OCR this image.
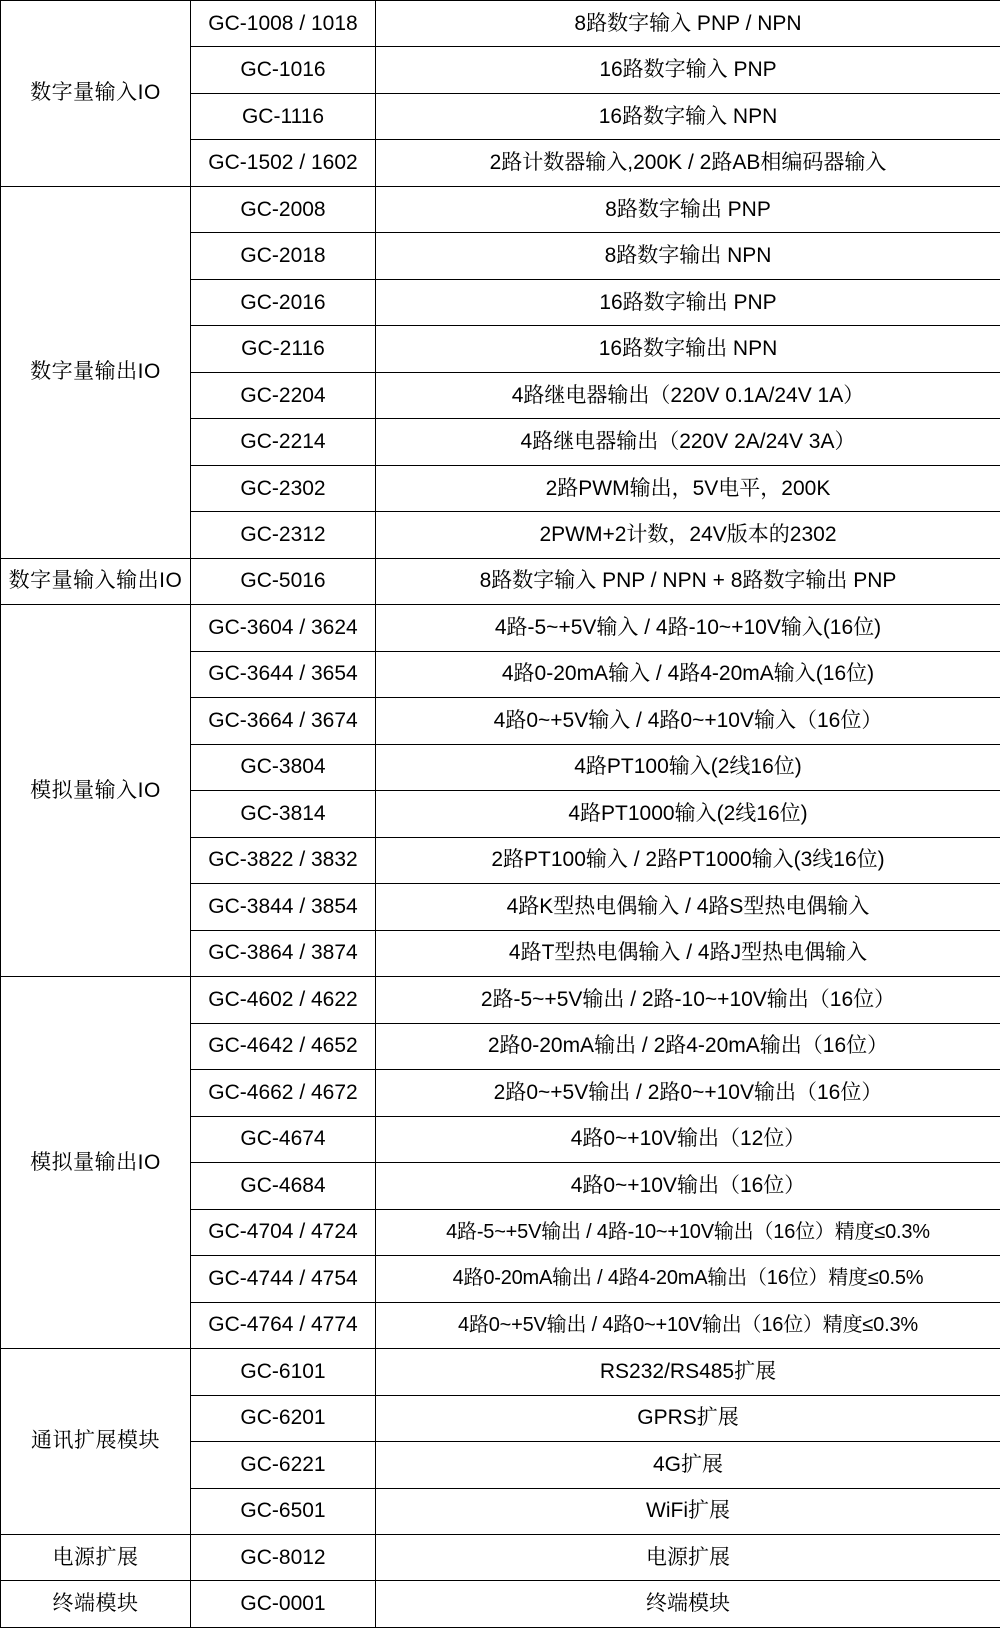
数字量输入IO	GC-1008 / 1018	8路数字输入 PNP / NPN
	GC-1016	16路数字输入 PNP
	GC-1116	16路数字输入 NPN
	GC-1502 / 1602	2路计数器输入,200K / 2路AB相编码器输入
数字量输出IO	GC-2008	8路数字输出 PNP
	GC-2018	8路数字输出 NPN
	GC-2016	16路数字输出 PNP
	GC-2116	16路数字输出 NPN
	GC-2204	4路继电器输出（220V 0.1A/24V 1A）
	GC-2214	4路继电器输出（220V 2A/24V 3A）
	GC-2302	2路PWM输出，5V电平，200K
	GC-2312	2PWM+2计数，24V版本的2302
数字量输入输出IO	GC-5016	8路数字输入 PNP / NPN + 8路数字输出 PNP
模拟量输入IO	GC-3604 / 3624	4路-5~+5V输入 / 4路-10~+10V输入(16位)
	GC-3644 / 3654	4路0-20mA输入 / 4路4-20mA输入(16位)
	GC-3664 / 3674	4路0~+5V输入 / 4路0~+10V输入（16位）
	GC-3804	4路PT100输入(2线16位)
	GC-3814	4路PT1000输入(2线16位)
	GC-3822 / 3832	2路PT100输入 / 2路PT1000输入(3线16位)
	GC-3844 / 3854	4路K型热电偶输入 / 4路S型热电偶输入
	GC-3864 / 3874	4路T型热电偶输入 / 4路J型热电偶输入
模拟量输出IO	GC-4602 / 4622	2路-5~+5V输出 / 2路-10~+10V输出（16位）
	GC-4642 / 4652	2路0-20mA输出 / 2路4-20mA输出（16位）
	GC-4662 / 4672	2路0~+5V输出 / 2路0~+10V输出（16位）
	GC-4674	4路0~+10V输出（12位）
	GC-4684	4路0~+10V输出（16位）
	GC-4704 / 4724	4路-5~+5V输出 / 4路-10~+10V输出（16位）精度≤0.3%
	GC-4744 / 4754	4路0-20mA输出 / 4路4-20mA输出（16位）精度≤0.5%
	GC-4764 / 4774	4路0~+5V输出 / 4路0~+10V输出（16位）精度≤0.3%
通讯扩展模块	GC-6101	RS232/RS485扩展
	GC-6201	GPRS扩展
	GC-6221	4G扩展
	GC-6501	WiFi扩展
电源扩展	GC-8012	电源扩展
终端模块	GC-0001	终端模块
